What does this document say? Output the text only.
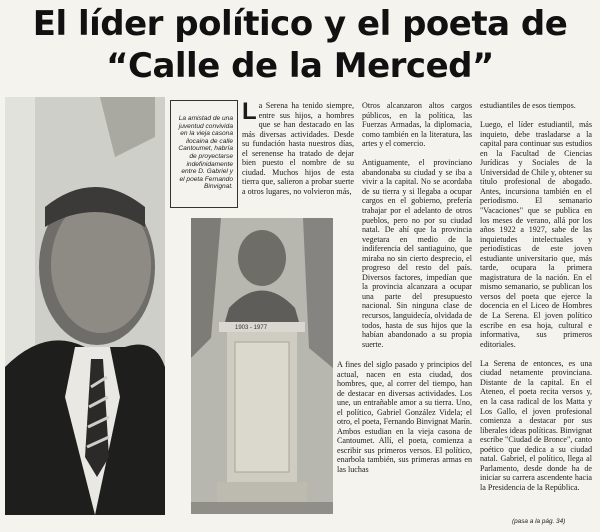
El líder político y el poeta de
“Calle de la Merced”
La amistad de una juventud convivida en la vieja casona ilocaina de calle Cantoumet, habría de proyectarse indefinidamente entre D. Gabriel y el poeta Fernando Binvignat.
La Serena ha tenido siempre, entre sus hijos, a hombres que se han destacado en las más diversas actividades. Desde su fundación hasta nuestros días, el serenense ha tratado de dejar bien puesto el nombre de su ciudad. Muchos hijos de esta tierra que, salieron a probar suerte a otros lugares, no volvieron más,
1903 - 1977
Otros alcanzaron altos cargos públicos, en la política, las Fuerzas Armadas, la diplomacia, como también en la literatura, las artes y el comercio.

Antiguamente, el provinciano abandonaba su ciudad y se iba a vivir a la capital. No se acordaba de su tierra y si llegaba a ocupar cargos en el gobierno, prefería trabajar por el adelanto de otros pueblos, pero no por su ciudad natal. De ahí que la provincia vegetara en medio de la indiferencia del santiaguino, que miraba no sin cierto desprecio, el progreso del resto del país. Diversos factores, impedían que la provincia alcanzara a ocupar una parte del presupuesto nacional. Sin ninguna clase de recursos, languidecía, olvidada de todos, hasta de sus hijos que la habían abandonado a su propia suerte.
A fines del siglo pasado y principios del actual, nacen en esta ciudad, dos hombres, que, al correr del tiempo, han de destacar en diversas actividades. Los une, un entrañable amor a su tierra. Uno, el político, Gabriel González Videla; el otro, el poeta, Fernando Binvignat Marín. Ambos estudian en la vieja casona de Cantoumet. Allí, el poeta, comienza a escribir sus primeros versos. El político, enarbola también, sus primeras armas en las luchas
estudiantiles de esos tiempos.

Luego, el líder estudiantil, más inquieto, debe trasladarse a la capital para continuar sus estudios en la Facultad de Ciencias Jurídicas y Sociales de la Universidad de Chile y, obtener su título profesional de abogado. Antes, incursiona también en el periodismo. El semanario "Vacaciones" que se publica en los meses de verano, allá por los años 1922 a 1927, sabe de las inquietudes intelectuales y periodísticas de este joven estudiante universitario que, más tarde, ocupara la primera magistratura de la nación. En el mismo semanario, se publican los versos del poeta que ejerce la docencia en el Liceo de Hombres de La Serena. El joven político escribe en esa hoja, cultural e informativa, sus primeros editoriales.

La Serena de entonces, es una ciudad netamente provinciana. Distante de la capital. En el Ateneo, el poeta recita versos y, en la casa radical de los Matta y Los Gallo, el joven profesional comienza a destacar por sus liberales ideas políticas. Binvignat escribe "Ciudad de Bronce", canto poético que dedica a su ciudad natal. Gabriel, el político, llega al Parlamento, desde donde ha de iniciar su carrera ascendente hacia la Presidencia de la República.
(pasa a la pág. 34)
